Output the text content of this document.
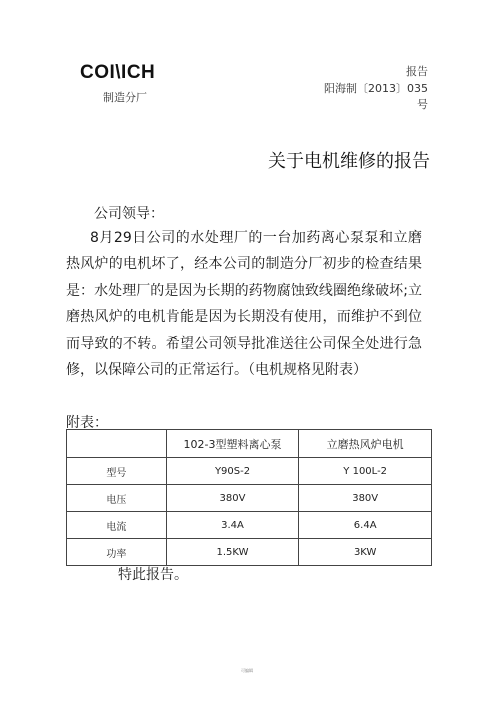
COI\ICH
制造分厂
报告
阳海制〔2013〕035
号
关于电机维修的报告
公司领导：

8月29日公司的水处理厂的一台加药离心泵泵和立磨热风炉的电机坏了，经本公司的制造分厂初步的检查结果是：水处理厂的是因为长期的药物腐蚀致线圈绝缘破坏;立磨热风炉的电机肯能是因为长期没有使用，而维护不到位而导致的不转。希望公司领导批准送往公司保全处进行急修，以保障公司的正常运行。（电机规格见附表）

附表：
	102-3型塑料离心泵	立磨热风炉电机
型号	Y90S-2	Y 100L-2
电压	380V	380V
电流	3.4A	6.4A
功率	1.5KW	3KW
特此报告。
可编辑
